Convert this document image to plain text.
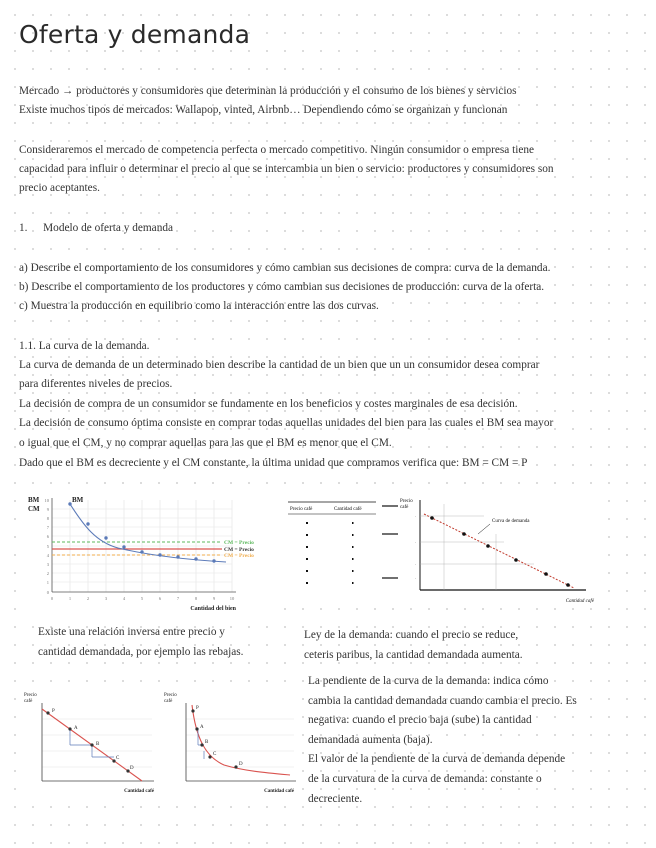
Oferta y demanda
Mercado → productores y consumidores que determinan la producción y el consumo de los bienes y servicios
Existe muchos tipos de mercados: Wallapop, vinted, Airbnb… Dependiendo cómo se organizan y funcionan
Consideraremos el mercado de competencia perfecta o mercado competitivo. Ningún consumidor o empresa tiene
capacidad para influir o determinar el precio al que se intercambia un bien o servicio: productores y consumidores son
precio aceptantes.
1. Modelo de oferta y demanda
a) Describe el comportamiento de los consumidores y cómo cambian sus decisiones de compra: curva de la demanda.
b) Describe el comportamiento de los productores y cómo cambian sus decisiones de producción: curva de la oferta.
c) Muestra la producción en equilibrio como la interacción entre las dos curvas.
1.1. La curva de la demanda.
La curva de demanda de un determinado bien describe la cantidad de un bien que un un consumidor desea comprar
para diferentes niveles de precios.
La decisión de compra de un consumidor se fundamente en los beneficios y costes marginales de esa decisión.
La decisión de consumo óptima consiste en comprar todas aquellas unidades del bien para las cuales el BM sea mayor
o igual que el CM, y no comprar aquellas para las que el BM es menor que el CM.
Dado que el BM es decreciente y el CM constante, la última unidad que compramos verifica que: BM = CM = P
BM
CM
BM
CM = Precio
CM = Precio
CM = Precio
10
9
8
7
6
5
4
3
2
1
0
0	1	2	3	4	5	6	7	8	9	10
Cantidad del bien
Precio café	Cantidad café
Precio
café
·
·
·
·
Curva de demanda
Cantidad café
Existe una relación inversa entre precio y
cantidad demandada, por ejemplo las rebajas.
Ley de la demanda: cuando el precio se reduce,
ceteris paribus, la cantidad demandada aumenta.
Precio
café
P
A
B
C
D
Cantidad café
Precio
café
P
A
B
C
D
Cantidad café
La pendiente de la curva de la demanda: indica cómo
cambia la cantidad demandada cuando cambia el precio. Es
negativa: cuando el precio baja (sube) la cantidad
demandada aumenta (baja).
El valor de la pendiente de la curva de demanda depende
de la curvatura de la curva de demanda: constante o
decreciente.
